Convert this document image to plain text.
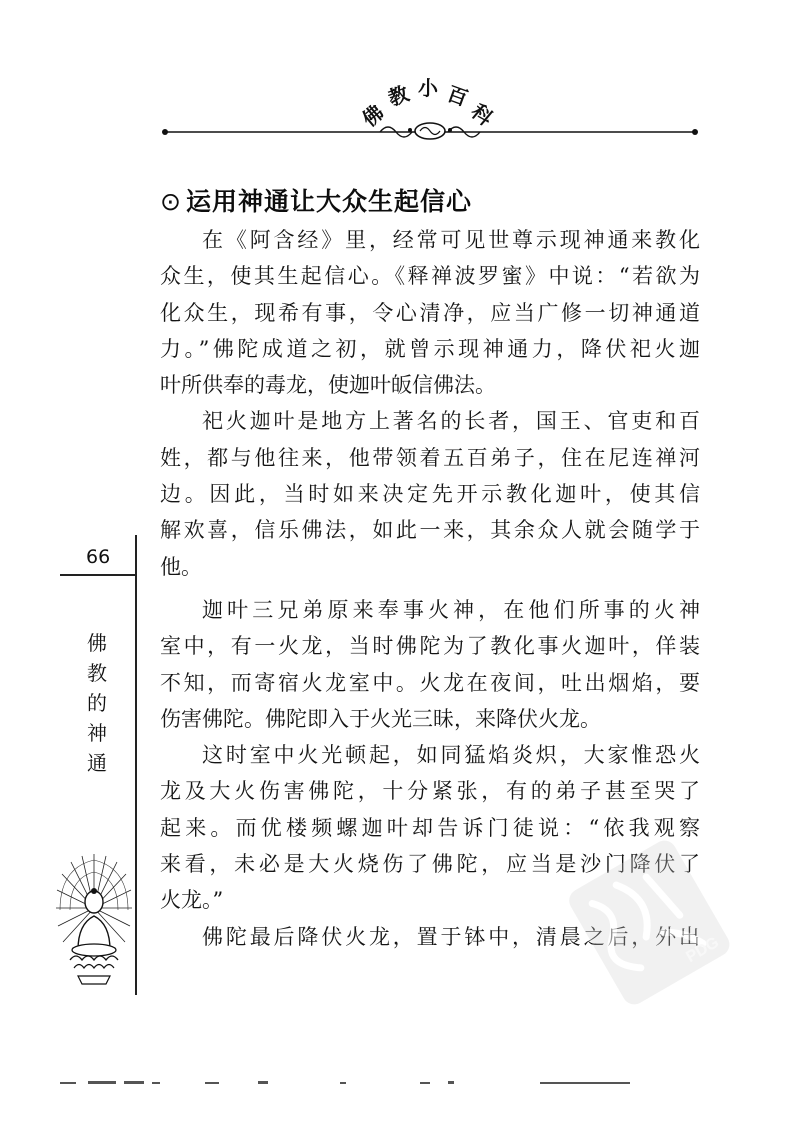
佛
教 小 百
科
⊙ 运用神通让大众生起信心
在《阿含经》里，经常可见世尊示现神通来教化
众生，使其生起信心。《释禅波罗蜜》中说：“若欲为
化众生，现希有事，令心清净，应当广修一切神通道
力。”佛陀成道之初，就曾示现神通力，降伏祀火迦
叶所供奉的毒龙，使迦叶皈信佛法。
祀火迦叶是地方上著名的长者，国王、官吏和百
姓，都与他往来，他带领着五百弟子，住在尼连禅河
边。因此，当时如来决定先开示教化迦叶，使其信
解欢喜，信乐佛法，如此一来，其余众人就会随学于
他。
迦叶三兄弟原来奉事火神，在他们所事的火神
室中，有一火龙，当时佛陀为了教化事火迦叶，佯装
不知，而寄宿火龙室中。火龙在夜间，吐出烟焰，要
伤害佛陀。佛陀即入于火光三昧，来降伏火龙。
这时室中火光顿起，如同猛焰炎炽，大家惟恐火
龙及大火伤害佛陀，十分紧张，有的弟子甚至哭了
起来。而优楼频螺迦叶却告诉门徒说：“依我观察
来看，未必是大火烧伤了佛陀，应当是沙门降伏了
火龙。”
佛陀最后降伏火龙，置于钵中，清晨之后，外出
66
佛
教
的
神
通
PDG
